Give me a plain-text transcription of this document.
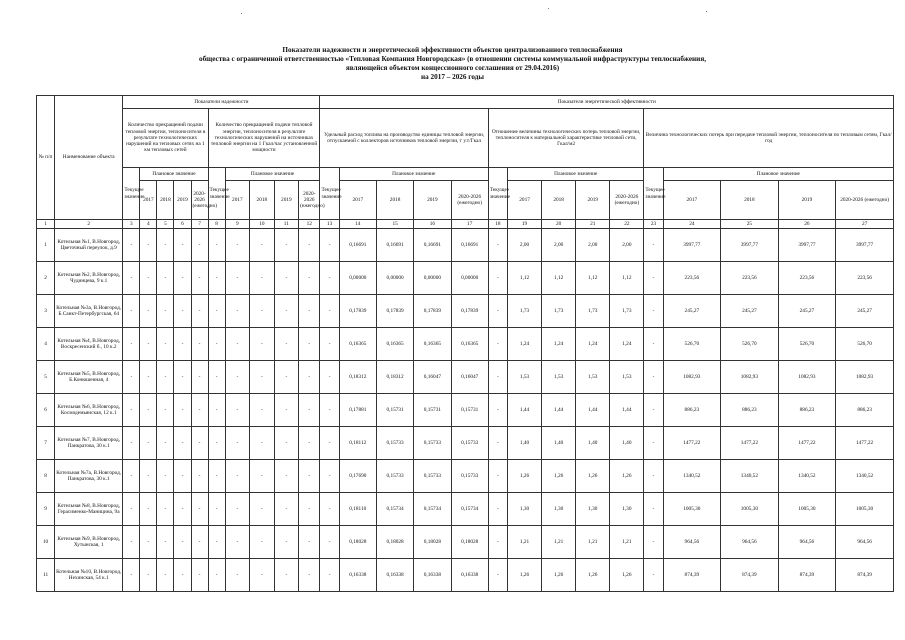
Показатели надежности и энергетической эффективности объектов централизованного теплоснабжения
общества с ограниченной ответственностью «Тепловая Компания Новгородская» (в отношении системы коммунальной инфраструктуры теплоснабжения,
являющейся объектом концессионного соглашения от 29.04.2016)
на 2017 – 2026 годы
№ п/п	Наименование объекта	Показатели надежности										Показатели энергетической эффективности														
		Количество прекращений подачи тепловой энергии, теплоносителя в результате технологических нарушений на тепловых сетях на 1 км тепловых сетей					Количество прекращений подачи тепловой энергии, теплоносителя в результате технологических нарушений на источниках тепловой энергии на 1 Гкал/час установленной мощности					Удельный расход топлива на производство единицы тепловой энергии, отпускаемой с коллекторов источников тепловой энергии, т у.т/Гкал					Отношение величины технологических потерь тепловой энергии, теплоносителя к материальной характеристике тепловой сети, Гкал/м2					Величина технологических потерь при передаче тепловой энергии, теплоносителя по тепловым сетям, Гкал/год				
		Текущее значение	Плановое значение				Текущее значение	Плановое значение				Текущее значение	Плановое значение				Текущее значение	Плановое значение				Текущее значение	Плановое значение			
			2017	2018	2019	2020-2026 (ежегодно)		2017	2018	2019	2020-2026 (ежегодно)		2017	2018	2019	2020-2026 (ежегодно)		2017	2018	2019	2020-2026 (ежегодно)		2017	2018	2019	2020-2026 (ежегодно)
1	2	3	4	5	6	7	8	9	10	11	12	13	14	15	16	17	18	19	20	21	22	23	24	25	26	27
1	Котельная №1, В.Новгород, Цветочный переулок, д.9	-	-	-	-	-	-	-	-	-	-	-	0,16691	0,16691	0,16691	0,16691	-	2,00	2,00	2,00	2,00	-	3997,77	3997,77	3997,77	3997,77
2	Котельная №2, В.Новгород, Чудинцева, 9 к.1	-	-	-	-	-	-	-	-	-	-	-	0,00000	0,00000	0,00000	0,00000	-	1,12	1,12	1,12	1,12	-	223,56	223,56	223,56	223,56
3	Котельная №3а, В.Новгород, Б.Санкт-Петербургская, 64	-	-	-	-	-	-	-	-	-	-	-	0,17839	0,17839	0,17839	0,17839	-	1,73	1,73	1,73	1,73	-	245,27	245,27	245,27	245,27
4	Котельная №4, В.Новгород, Воскресенский б., 10 к.2	-	-	-	-	-	-	-	-	-	-	-	0,16365	0,16365	0,16365	0,16365	-	1,24	1,24	1,24	1,24	-	526,70	526,70	526,70	526,70
5	Котельная №5, В.Новгород, Б.Конюшенная, 4	-	-	-	-	-	-	-	-	-	-	-	0,18312	0,18312	0,16047	0,16047	-	1,53	1,53	1,53	1,53	-	1082,93	1082,93	1082,93	1082,93
6	Котельная №6, В.Новгород, Космодемьянская, 12 к.1	-	-	-	-	-	-	-	-	-	-	-	0,17881	0,15731	0,15731	0,15731	-	1,44	1,44	1,44	1,44	-	886,23	886,23	886,23	886,23
7	Котельная №7, В.Новгород, Панкратова, 30 к.1	-	-	-	-	-	-	-	-	-	-	-	0,18112	0,15733	0,15733	0,15733	-	1,40	1,40	1,40	1,40	-	1477,22	1477,22	1477,22	1477,22
8	Котельная №7а, В.Новгород, Панкратова, 30 к.1	-	-	-	-	-	-	-	-	-	-	-	0,17690	0,15733	0,15733	0,15733	-	1,26	1,26	1,26	1,26	-	1340,52	1340,52	1340,52	1340,52
9	Котельная №8, В.Новгород, Герасименко-Маницина, 9а	-	-	-	-	-	-	-	-	-	-	-	0,18110	0,15734	0,15734	0,15734	-	1,30	1,30	1,30	1,30	-	1005,30	1005,30	1005,30	1005,30
10	Котельная №9, В.Новгород, Хутынская, 1	-	-	-	-	-	-	-	-	-	-	-	0,18028	0,18028	0,18028	0,18028	-	1,21	1,21	1,21	1,21	-	964,56	964,56	964,56	964,56
11	Котельная №10, В.Новгород, Нехинская, 54 к.1	-	-	-	-	-	-	-	-	-	-	-	0,16338	0,16338	0,16338	0,16338	-	1,26	1,26	1,26	1,26	-	874,39	874,39	874,39	874,39
